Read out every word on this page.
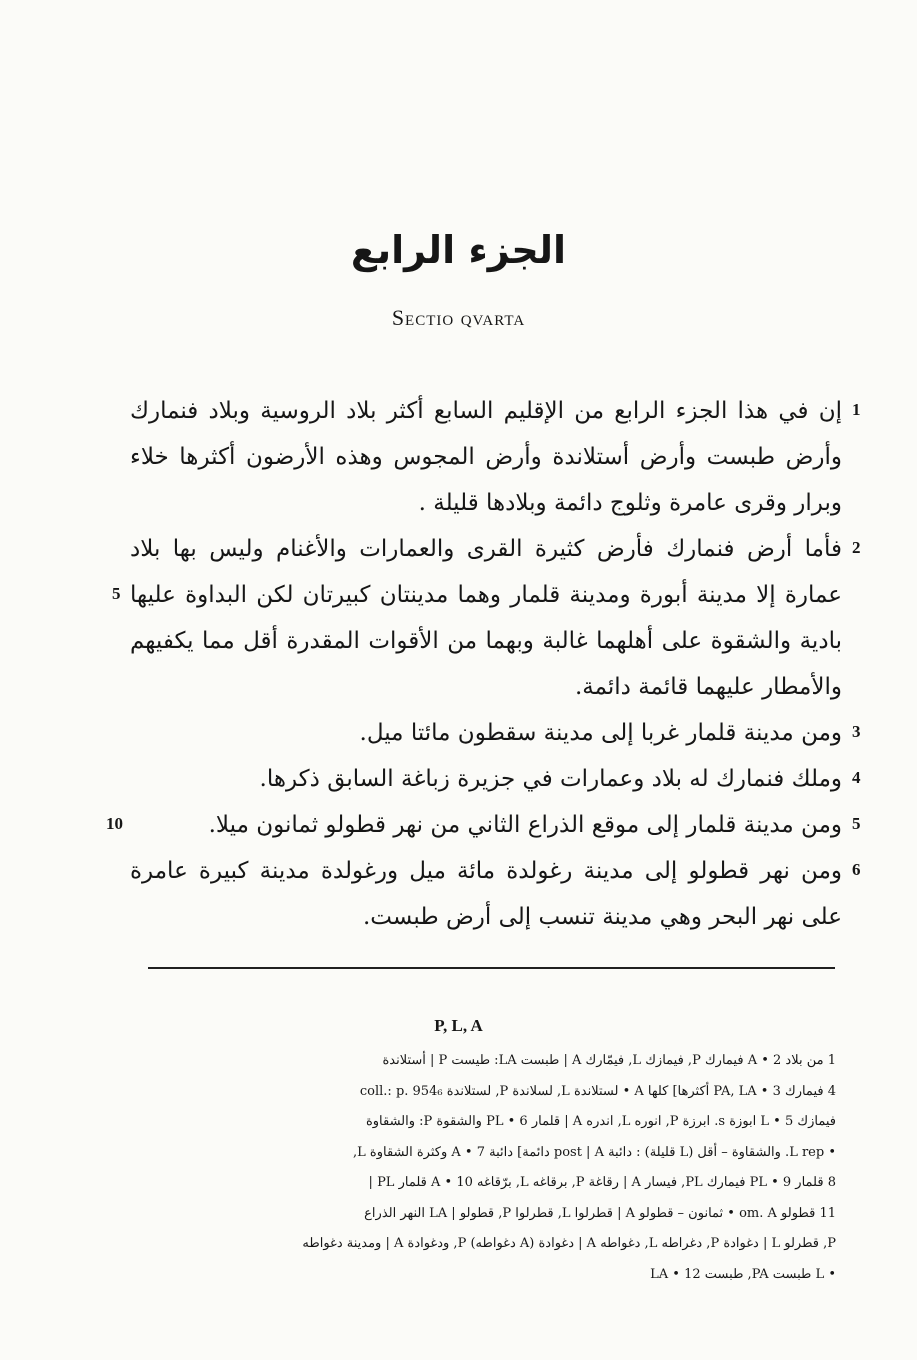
الجزء الرابع
Sectio qvarta
1
2
3
4
5
6
5
10

إن في هذا الجزء الرابع من الإقليم السابع أكثر بلاد الروسية وبلاد فنمارك وأرض طبست وأرض أستلاندة وأرض المجوس وهذه الأرضون أكثرها خلاء وبرار وقرى عامرة وثلوج دائمة وبلادها قليلة .

فأما أرض فنمارك فأرض كثيرة القرى والعمارات والأغنام وليس بها بلاد عمارة إلا مدينة أبورة ومدينة قلمار وهما مدينتان كبيرتان لكن البداوة عليها بادية والشقوة على أهلهما غالبة وبهما من الأقوات المقدرة أقل مما يكفيهم والأمطار عليهما قائمة دائمة.

ومن مدينة قلمار غربا إلى مدينة سقطون مائتا ميل.

وملك فنمارك له بلاد وعمارات في جزيرة زباغة السابق ذكرها.

ومن مدينة قلمار إلى موقع الذراع الثاني من نهر قطولو ثمانون ميلا.

ومن نهر قطولو إلى مدينة رغولدة مائة ميل ورغولدة مدينة كبيرة عامرة على نهر البحر وهي مدينة تنسب إلى أرض طبست.

P, L, A
1 من بلاد A • 2 فيمارك P, فيمازك L, فيمّارك A | طبست LA: طيست P | أستلاندة
4 فيمارك PA, LA • 3 أكثرها] كلها A • لستلاندة L, لسلاندة P, لستلاندة coll.: p. 954₆
فيمازك L • 5 ابوزة s. ابرزة P, انوره L, اندره A | قلمار PL • 6 والشقوة P: والشقاوة
• L rep. والشقاوة – أقل (L قليلة) : دائبة post | A دائمة] دائبة 7 • A وكثرة الشقاوة L,
8 قلمار PL • 9 فيمارك PL, فيسار A | رقاغة P, برقاغه L, برّقاغه A • 10 قلمار PL |
11 قطولو om. A • ثمانون – قطولو A | قطرلوا L, قطرلوا P, قطولو | LA النهر الذراع
P, قطرلو L | دغوادة P, دغراطه L, دغواطه A | دغوادة (A دغواطه) P, ودغوادة A | ومدينة دغواطه
• L طبست PA, طبست 12 • LA
